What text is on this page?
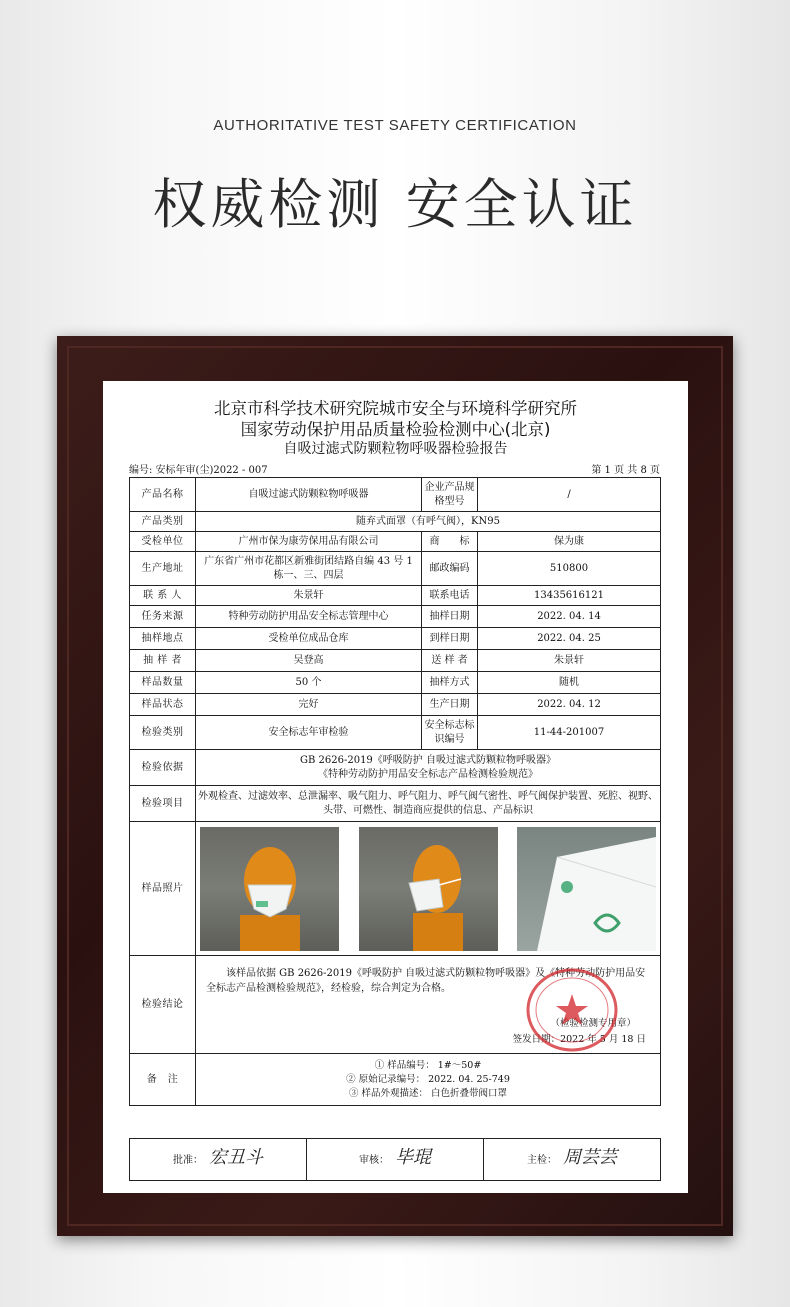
AUTHORITATIVE TEST SAFETY CERTIFICATION
权威检测 安全认证
北京市科学技术研究院城市安全与环境科学研究所
国家劳动保护用品质量检验检测中心(北京)
自吸过滤式防颗粒物呼吸器检验报告
编号: 安标年审(尘)2022 - 007	第 1 页 共 8 页
产品名称	自吸过滤式防颗粒物呼吸器	企业产品规格型号	/
产品类别	随弃式面罩（有呼气阀），KN95		
受检单位	广州市保为康劳保用品有限公司	商　　标	保为康
生产地址	广东省广州市花都区新雅街团结路自编 43 号 1 栋一、三、四层	邮政编码	510800
联 系 人	朱景轩	联系电话	13435616121
任务来源	特种劳动防护用品安全标志管理中心	抽样日期	2022. 04. 14
抽样地点	受检单位成品仓库	到样日期	2022. 04. 25
抽 样 者	吴登高	送 样 者	朱景轩
样品数量	50 个	抽样方式	随机
样品状态	完好	生产日期	2022. 04. 12
检验类别	安全标志年审检验	安全标志标识编号	11-44-201007
检验依据	GB 2626-2019《呼吸防护 自吸过滤式防颗粒物呼吸器》
《特种劳动防护用品安全标志产品检测检验规范》		

检验项目	外观检查、过滤效率、总泄漏率、吸气阻力、呼气阻力、呼气阀气密性、呼气阀保护装置、死腔、视野、头带、可燃性、制造商应提供的信息、产品标识		
样品照片	

检验结论	该样品依据 GB 2626-2019《呼吸防护 自吸过滤式防颗粒物呼吸器》及《特种劳动防护用品安全标志产品检测检验规范》，经检验，综合判定为合格。
（检验检测专用章）
签发日期：2022 年 5 月 18 日		

备　注	① 样品编号： 1#～50#
② 原始记录编号： 2022. 04. 25-749
③ 样品外观描述： 白色折叠带阀口罩		
批准： 宏丑斗	审核： 毕琨	主检： 周芸芸
